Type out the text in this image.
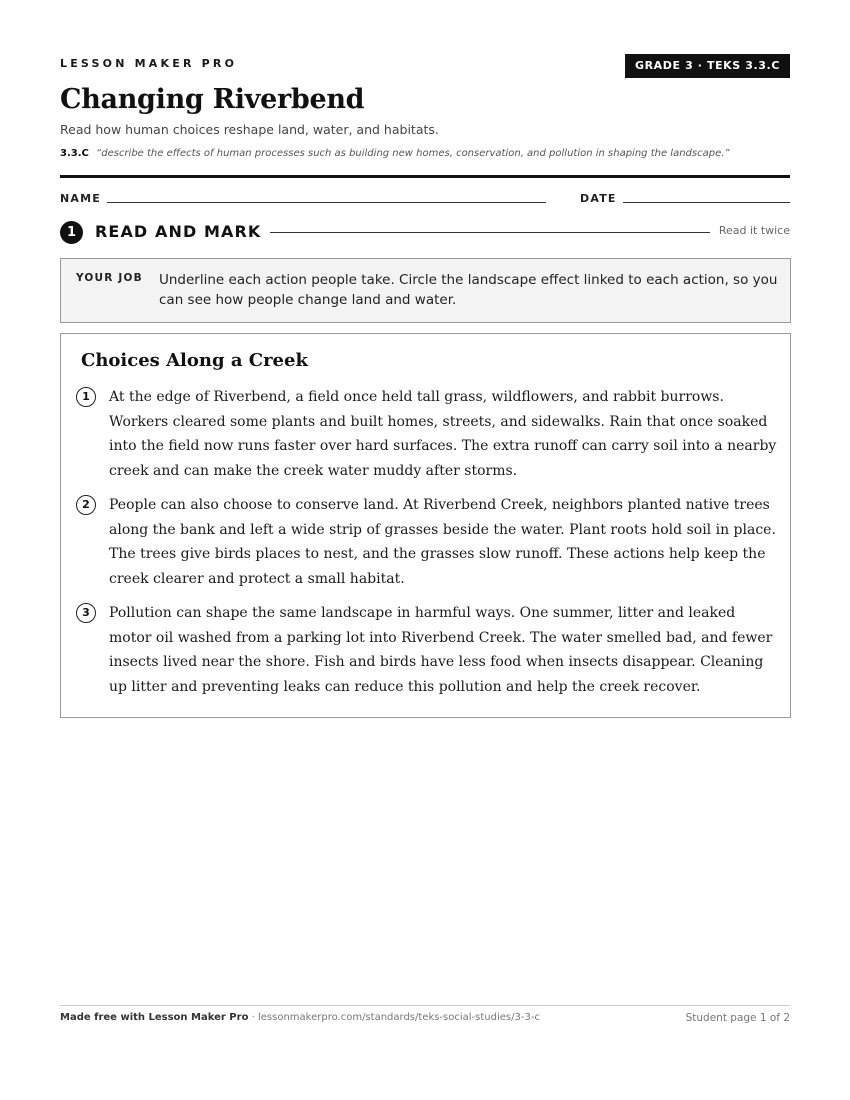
LESSON MAKER PRO	GRADE 3 · TEKS 3.3.C
Changing Riverbend
Read how human choices reshape land, water, and habitats.
3.3.C “describe the effects of human processes such as building new homes, conservation, and pollution in shaping the landscape.”
NAME	DATE
1	READ AND MARK	Read it twice
YOUR JOB Underline each action people take. Circle the landscape effect linked to each action, so you can see how people change land and water.
Choices Along a Creek
1	At the edge of Riverbend, a field once held tall grass, wildflowers, and rabbit burrows. Workers cleared some plants and built homes, streets, and sidewalks. Rain that once soaked into the field now runs faster over hard surfaces. The extra runoff can carry soil into a nearby creek and can make the creek water muddy after storms.
2	People can also choose to conserve land. At Riverbend Creek, neighbors planted native trees along the bank and left a wide strip of grasses beside the water. Plant roots hold soil in place. The trees give birds places to nest, and the grasses slow runoff. These actions help keep the creek clearer and protect a small habitat.
3	Pollution can shape the same landscape in harmful ways. One summer, litter and leaked motor oil washed from a parking lot into Riverbend Creek. The water smelled bad, and fewer insects lived near the shore. Fish and birds have less food when insects disappear. Cleaning up litter and preventing leaks can reduce this pollution and help the creek recover.
Made free with Lesson Maker Pro · lessonmakerpro.com/standards/teks-social-studies/3-3-c	Student page 1 of 2
